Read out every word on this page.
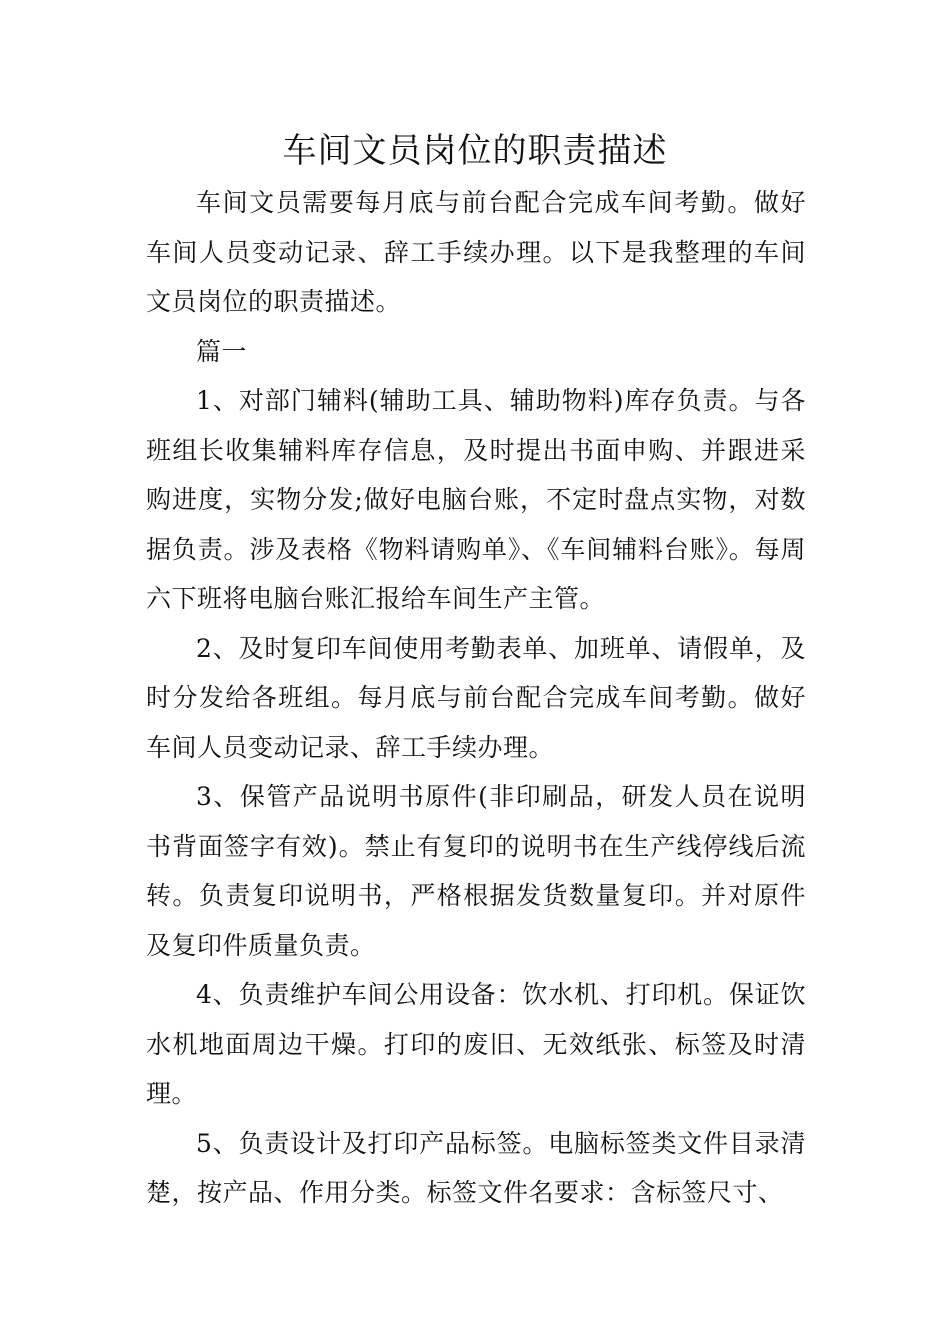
车间文员岗位的职责描述

车间文员需要每月底与前台配合完成车间考勤。做好车间人员变动记录、辞工手续办理。以下是我整理的车间文员岗位的职责描述。

篇一

1、对部门辅料(辅助工具、辅助物料)库存负责。与各班组长收集辅料库存信息，及时提出书面申购、并跟进采购进度，实物分发;做好电脑台账，不定时盘点实物，对数据负责。涉及表格《物料请购单》、《车间辅料台账》。每周六下班将电脑台账汇报给车间生产主管。

2、及时复印车间使用考勤表单、加班单、请假单，及时分发给各班组。每月底与前台配合完成车间考勤。做好车间人员变动记录、辞工手续办理。

3、保管产品说明书原件(非印刷品，研发人员在说明书背面签字有效)。禁止有复印的说明书在生产线停线后流转。负责复印说明书，严格根据发货数量复印。并对原件及复印件质量负责。

4、负责维护车间公用设备：饮水机、打印机。保证饮水机地面周边干燥。打印的废旧、无效纸张、标签及时清理。

5、负责设计及打印产品标签。电脑标签类文件目录清楚，按产品、作用分类。标签文件名要求：含标签尺寸、
